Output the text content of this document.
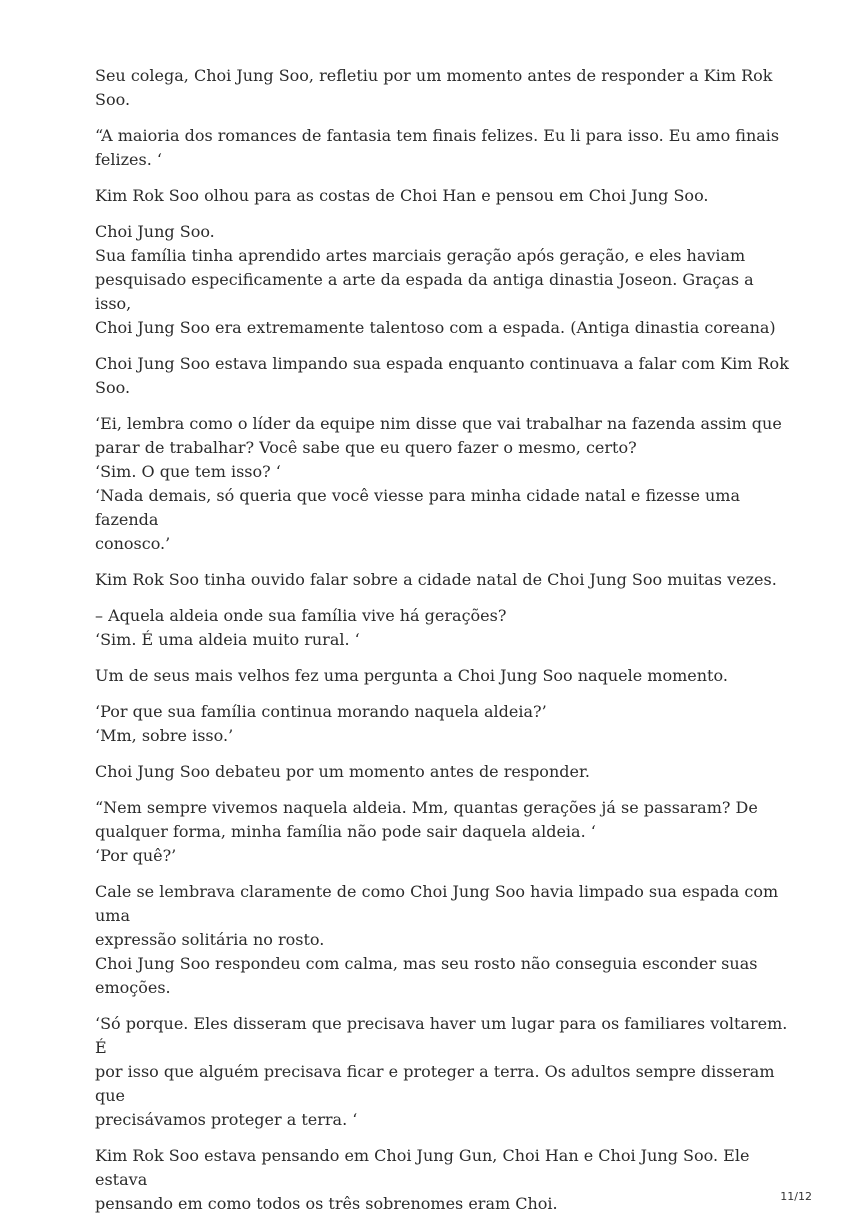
Seu colega, Choi Jung Soo, refletiu por um momento antes de responder a Kim Rok Soo.

“A maioria dos romances de fantasia tem finais felizes. Eu li para isso. Eu amo finais
felizes. ‘

Kim Rok Soo olhou para as costas de Choi Han e pensou em Choi Jung Soo.

Choi Jung Soo.
Sua família tinha aprendido artes marciais geração após geração, e eles haviam
pesquisado especificamente a arte da espada da antiga dinastia Joseon. Graças a isso,
Choi Jung Soo era extremamente talentoso com a espada. (Antiga dinastia coreana)

Choi Jung Soo estava limpando sua espada enquanto continuava a falar com Kim Rok
Soo.

‘Ei, lembra como o líder da equipe nim disse que vai trabalhar na fazenda assim que
parar de trabalhar? Você sabe que eu quero fazer o mesmo, certo?
‘Sim. O que tem isso? ‘
‘Nada demais, só queria que você viesse para minha cidade natal e fizesse uma fazenda
conosco.’

Kim Rok Soo tinha ouvido falar sobre a cidade natal de Choi Jung Soo muitas vezes.

– Aquela aldeia onde sua família vive há gerações?
‘Sim. É uma aldeia muito rural. ‘

Um de seus mais velhos fez uma pergunta a Choi Jung Soo naquele momento.

‘Por que sua família continua morando naquela aldeia?’
‘Mm, sobre isso.’

Choi Jung Soo debateu por um momento antes de responder.

“Nem sempre vivemos naquela aldeia. Mm, quantas gerações já se passaram? De
qualquer forma, minha família não pode sair daquela aldeia. ‘
‘Por quê?’

Cale se lembrava claramente de como Choi Jung Soo havia limpado sua espada com uma
expressão solitária no rosto.
Choi Jung Soo respondeu com calma, mas seu rosto não conseguia esconder suas
emoções.

‘Só porque. Eles disseram que precisava haver um lugar para os familiares voltarem. É
por isso que alguém precisava ficar e proteger a terra. Os adultos sempre disseram que
precisávamos proteger a terra. ‘

Kim Rok Soo estava pensando em Choi Jung Gun, Choi Han e Choi Jung Soo. Ele estava
pensando em como todos os três sobrenomes eram Choi.	11/12
